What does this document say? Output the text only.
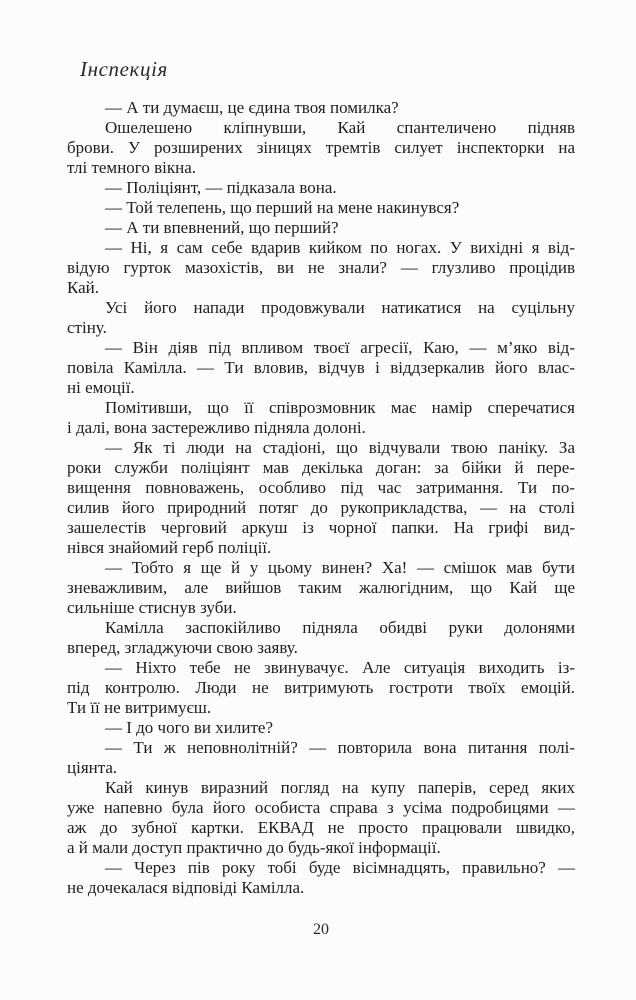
Інспекція
— А ти думаєш, це єдина твоя помилка?
Ошелешено кліпнувши, Кай спантеличено підняв
брови. У розширених зіницях тремтів силует інспекторки на
тлі темного вікна.
— Поліціянт, — підказала вона.
— Той телепень, що перший на мене накинувся?
— А ти впевнений, що перший?
— Ні, я сам себе вдарив кийком по ногах. У вихідні я від-
відую гурток мазохістів, ви не знали? — глузливо процідив
Кай.
Усі його напади продовжували натикатися на суцільну
стіну.
— Він діяв під впливом твоєї агресії, Каю, — м’яко від-
повіла Камілла. — Ти вловив, відчув і віддзеркалив його влас-
ні емоції.
Помітивши, що її співрозмовник має намір сперечатися
і далі, вона застережливо підняла долоні.
— Як ті люди на стадіоні, що відчували твою паніку. За
роки служби поліціянт мав декілька доган: за бійки й пере-
вищення повноважень, особливо під час затримання. Ти по-
силив його природний потяг до рукоприкладства, — на столі
зашелестів черговий аркуш із чорної папки. На грифі вид-
нівся знайомий герб поліції.
— Тобто я ще й у цьому винен? Ха! — смішок мав бути
зневажливим, але вийшов таким жалюгідним, що Кай ще
сильніше стиснув зуби.
Камілла заспокійливо підняла обидві руки долонями
вперед, згладжуючи свою заяву.
— Ніхто тебе не звинувачує. Але ситуація виходить із-
під контролю. Люди не витримують гостроти твоїх емоцій.
Ти її не витримуєш.
— І до чого ви хилите?
— Ти ж неповнолітній? — повторила вона питання полі-
ціянта.
Кай кинув виразний погляд на купу паперів, серед яких
уже напевно була його особиста справа з усіма подробицями —
аж до зубної картки. ЕКВАД не просто працювали швидко,
а й мали доступ практично до будь-якої інформації.
— Через пів року тобі буде вісімнадцять, правильно? —
не дочекалася відповіді Камілла.
20
